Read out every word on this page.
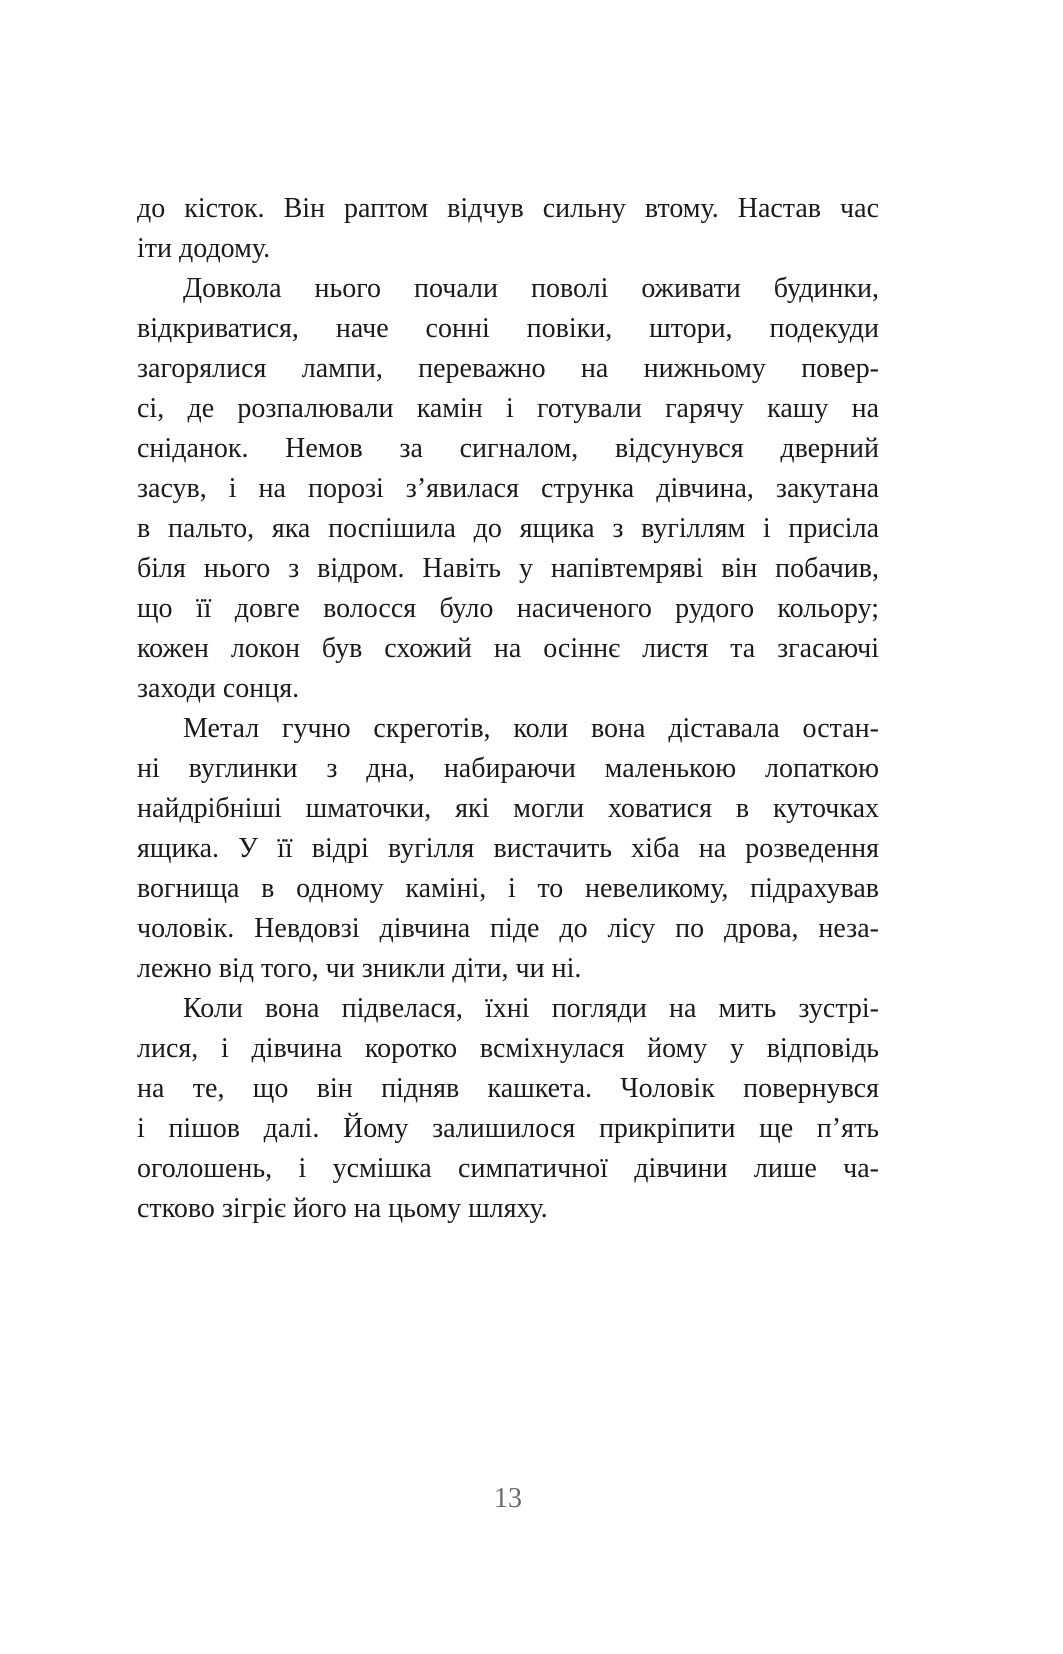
до кісток. Він раптом відчув сильну втому. Настав час
іти додому.

Довкола нього почали поволі оживати будинки,
відкриватися, наче сонні повіки, штори, подекуди
загорялися лампи, переважно на нижньому повер-
сі, де розпалювали камін і готували гарячу кашу на
сніданок. Немов за сигналом, відсунувся дверний
засув, і на порозі з’явилася струнка дівчина, закутана
в пальто, яка поспішила до ящика з вугіллям і присіла
біля нього з відром. Навіть у напівтемряві він побачив,
що її довге волосся було насиченого рудого кольору;
кожен локон був схожий на осіннє листя та згасаючі
заходи сонця.

Метал гучно скреготів, коли вона діставала остан-
ні вуглинки з дна, набираючи маленькою лопаткою
найдрібніші шматочки, які могли ховатися в куточках
ящика. У її відрі вугілля вистачить хіба на розведення
вогнища в одному каміні, і то невеликому, підрахував
чоловік. Невдовзі дівчина піде до лісу по дрова, неза-
лежно від того, чи зникли діти, чи ні.

Коли вона підвелася, їхні погляди на мить зустрі-
лися, і дівчина коротко всміхнулася йому у відповідь
на те, що він підняв кашкета. Чоловік повернувся
і пішов далі. Йому залишилося прикріпити ще п’ять
оголошень, і усмішка симпатичної дівчини лише ча-
стково зігріє його на цьому шляху.

13
